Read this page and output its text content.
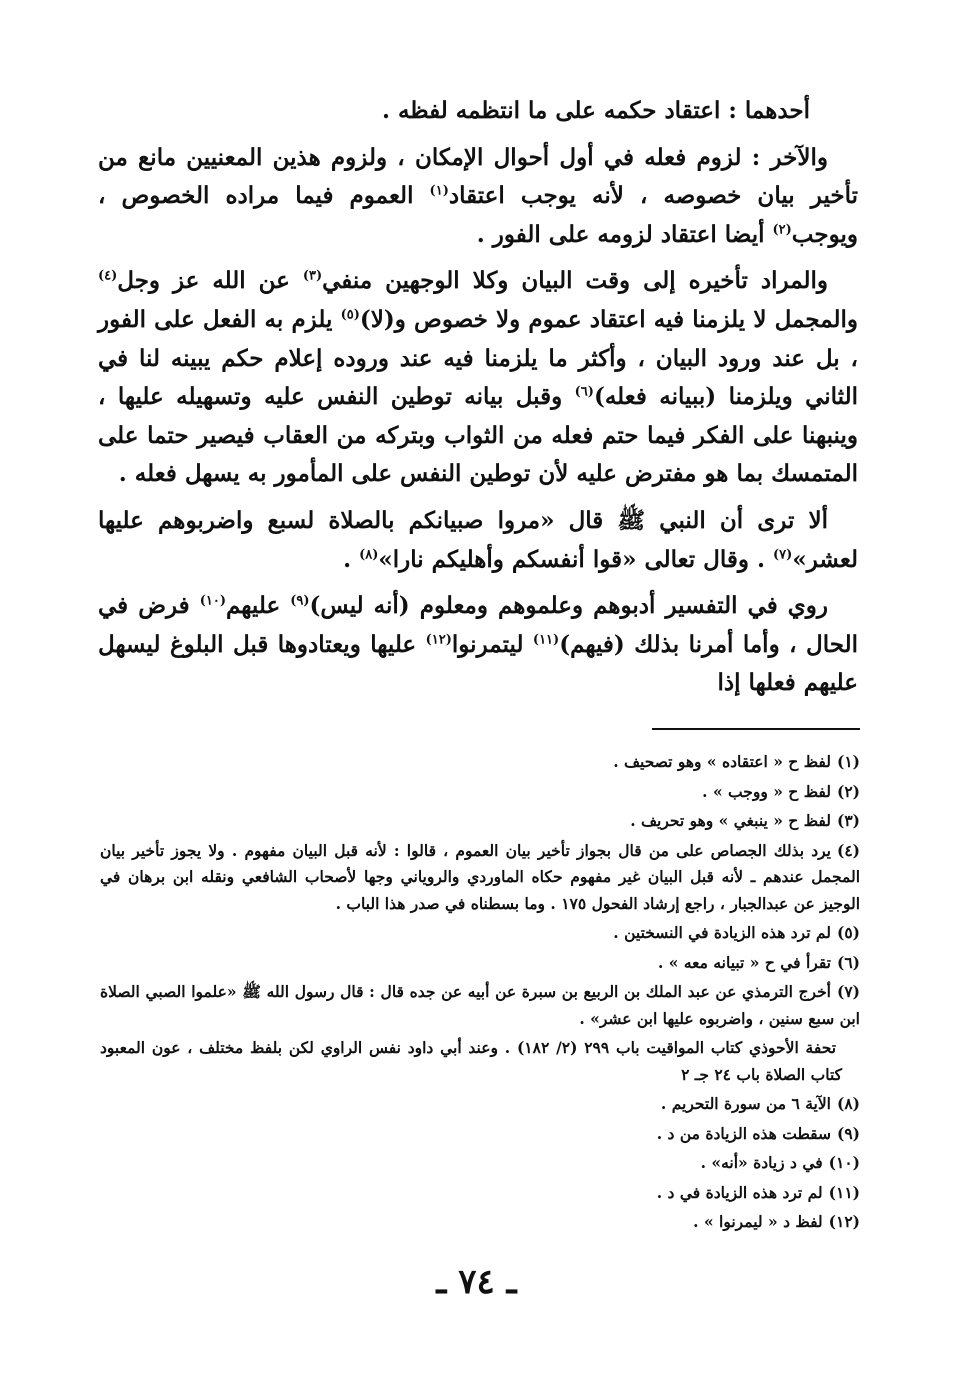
أحدهما : اعتقاد حكمه على ما انتظمه لفظه .

والآخر : لزوم فعله في أول أحوال الإمكان ، ولزوم هذين المعنيين مانع من تأخير بيان خصوصه ، لأنه يوجب اعتقاد$^{(١)}$ العموم فيما مراده الخصوص ، ويوجب$^{(٢)}$ أيضا اعتقاد لزومه على الفور .

والمراد تأخيره إلى وقت البيان وكلا الوجهين منفي$^{(٣)}$ عن الله عز وجل$^{(٤)}$ والمجمل لا يلزمنا فيه اعتقاد عموم ولا خصوص و(لا)$^{(٥)}$ يلزم به الفعل على الفور ، بل عند ورود البيان ، وأكثر ما يلزمنا فيه عند وروده إعلام حكم يبينه لنا في الثاني ويلزمنا (ببيانه فعله)$^{(٦)}$ وقبل بيانه توطين النفس عليه وتسهيله عليها ، وينبهنا على الفكر فيما حتم فعله من الثواب وبتركه من العقاب فيصير حتما على المتمسك بما هو مفترض عليه لأن توطين النفس على المأمور به يسهل فعله .

ألا ترى أن النبي ﷺ قال «مروا صبيانكم بالصلاة لسبع واضربوهم عليها لعشر»$^{(٧)}$ . وقال تعالى «قوا أنفسكم وأهليكم نارا»$^{(٨)}$ .

روي في التفسير أدبوهم وعلموهم ومعلوم (أنه ليس)$^{(٩)}$ عليهم$^{(١٠)}$ فرض في الحال ، وأما أمرنا بذلك (فيهم)$^{(١١)}$ ليتمرنوا$^{(١٢)}$ عليها ويعتادوها قبل البلوغ ليسهل عليهم فعلها إذا

(١)لفظ ح « اعتقاده » وهو تصحيف .

(٢)لفظ ح « ووجب » .

(٣)لفظ ح « ينبغي » وهو تحريف .

(٤)يرد بذلك الجصاص على من قال بجواز تأخير بيان العموم ، قالوا : لأنه قبل البيان مفهوم . ولا يجوز تأخير بيان المجمل عندهم ـ لأنه قبل البيان غير مفهوم حكاه الماوردي والروياني وجها لأصحاب الشافعي ونقله ابن برهان في الوجيز عن عبدالجبار ، راجع إرشاد الفحول ١٧٥ . وما بسطناه في صدر هذا الباب .

(٥)لم ترد هذه الزيادة في النسختين .

(٦)تقرأ في ح « تبيانه معه » .

(٧)أخرج الترمذي عن عبد الملك بن الربيع بن سبرة عن أبيه عن جده قال : قال رسول الله ﷺ «علموا الصبي الصلاة ابن سبع سنين ، واضربوه عليها ابن عشر» .

تحفة الأحوذي كتاب المواقيت باب ٢٩٩ (٢/ ١٨٢) . وعند أبي داود نفس الراوي لكن بلفظ مختلف ، عون المعبود كتاب الصلاة باب ٢٤ جـ ٢

(٨)الآية ٦ من سورة التحريم .

(٩)سقطت هذه الزيادة من د .

(١٠)في د زيادة «أنه» .

(١١)لم ترد هذه الزيادة في د .

(١٢)لفظ د « ليمرنوا » .

ـ ٧٤ ـ
